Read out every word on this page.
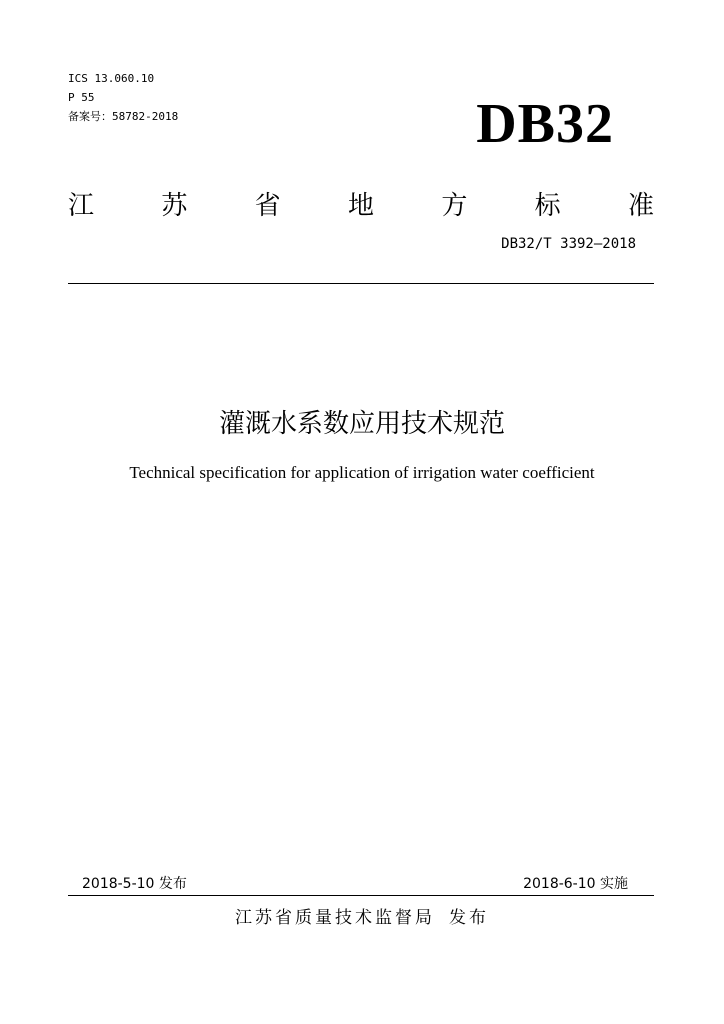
ICS 13.060.10
P 55
备案号：58782-2018	DB32
江	苏	省	地	方	标	准
DB32/T 3392—2018
灌溉水系数应用技术规范
Technical specification for application of irrigation water coefficient
2018-5-10 发布	2018-6-10 实施
江苏省质量技术监督局 发布
